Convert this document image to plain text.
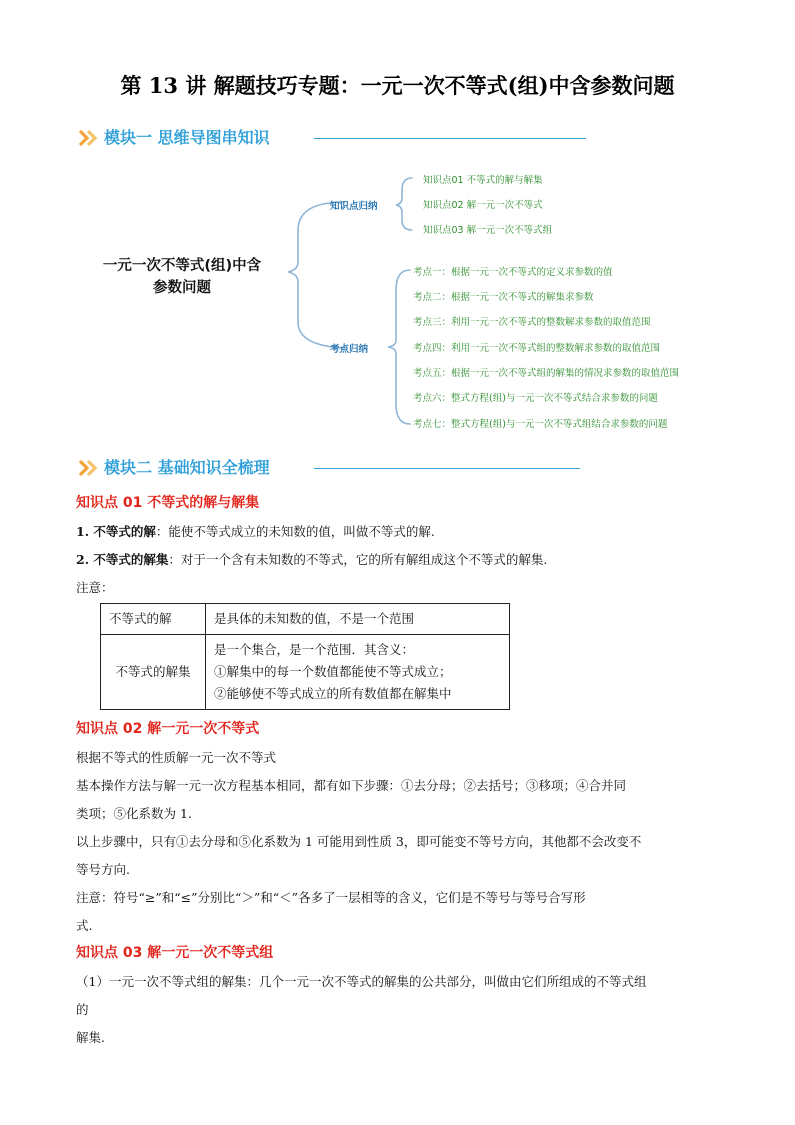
第 13 讲 解题技巧专题：一元一次不等式(组)中含参数问题
模块一 思维导图串知识
一元一次不等式(组)中含
参数问题
知识点归纳
考点归纳
知识点01 不等式的解与解集
知识点02 解一元一次不等式
知识点03 解一元一次不等式组
考点一：根据一元一次不等式的定义求参数的值
考点二：根据一元一次不等式的解集求参数
考点三：利用一元一次不等式的整数解求参数的取值范围
考点四：利用一元一次不等式组的整数解求参数的取值范围
考点五：根据一元一次不等式组的解集的情况求参数的取值范围
考点六：整式方程(组)与一元一次不等式结合求参数的问题
考点七：整式方程(组)与一元一次不等式组结合求参数的问题
模块二 基础知识全梳理
知识点 01 不等式的解与解集
1. 不等式的解：能使不等式成立的未知数的值，叫做不等式的解.
2. 不等式的解集：对于一个含有未知数的不等式，它的所有解组成这个不等式的解集.
注意：
不等式的解	是具体的未知数的值，不是一个范围
不等式的解集	是一个集合，是一个范围．其含义：
①解集中的每一个数值都能使不等式成立；
②能够使不等式成立的所有数值都在解集中
知识点 02 解一元一次不等式
根据不等式的性质解一元一次不等式
基本操作方法与解一元一次方程基本相同，都有如下步骤：①去分母；②去括号；③移项；④合并同
类项；⑤化系数为 1.
以上步骤中，只有①去分母和⑤化系数为 1 可能用到性质 3，即可能变不等号方向，其他都不会改变不
等号方向.
注意：符号“≥”和“≤”分别比“＞”和“＜”各多了一层相等的含义，它们是不等号与等号合写形
式.
知识点 03 解一元一次不等式组
（1）一元一次不等式组的解集：几个一元一次不等式的解集的公共部分，叫做由它们所组成的不等式组
的
解集.
